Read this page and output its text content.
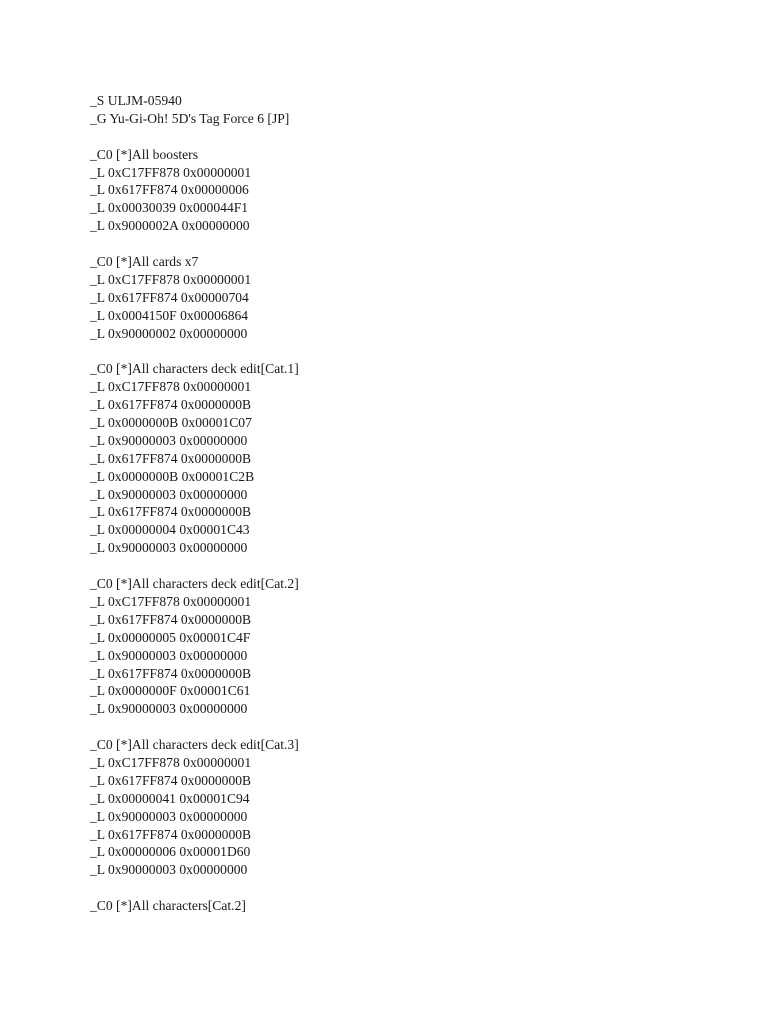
_S ULJM-05940
_G Yu-Gi-Oh! 5D's Tag Force 6 [JP]
_C0 [*]All boosters
_L 0xC17FF878 0x00000001
_L 0x617FF874 0x00000006
_L 0x00030039 0x000044F1
_L 0x9000002A 0x00000000
_C0 [*]All cards x7
_L 0xC17FF878 0x00000001
_L 0x617FF874 0x00000704
_L 0x0004150F 0x00006864
_L 0x90000002 0x00000000
_C0 [*]All characters deck edit[Cat.1]
_L 0xC17FF878 0x00000001
_L 0x617FF874 0x0000000B
_L 0x0000000B 0x00001C07
_L 0x90000003 0x00000000
_L 0x617FF874 0x0000000B
_L 0x0000000B 0x00001C2B
_L 0x90000003 0x00000000
_L 0x617FF874 0x0000000B
_L 0x00000004 0x00001C43
_L 0x90000003 0x00000000
_C0 [*]All characters deck edit[Cat.2]
_L 0xC17FF878 0x00000001
_L 0x617FF874 0x0000000B
_L 0x00000005 0x00001C4F
_L 0x90000003 0x00000000
_L 0x617FF874 0x0000000B
_L 0x0000000F 0x00001C61
_L 0x90000003 0x00000000
_C0 [*]All characters deck edit[Cat.3]
_L 0xC17FF878 0x00000001
_L 0x617FF874 0x0000000B
_L 0x00000041 0x00001C94
_L 0x90000003 0x00000000
_L 0x617FF874 0x0000000B
_L 0x00000006 0x00001D60
_L 0x90000003 0x00000000
_C0 [*]All characters[Cat.2]
